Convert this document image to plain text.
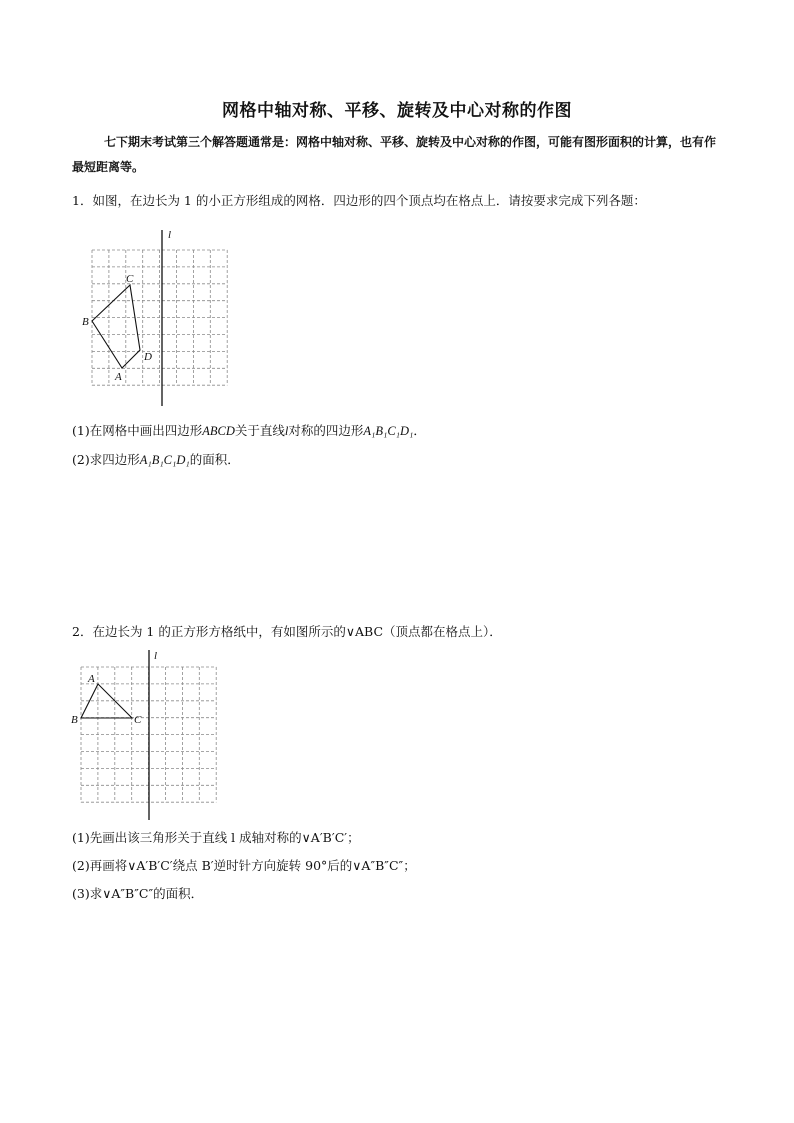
网格中轴对称、平移、旋转及中心对称的作图
七下期末考试第三个解答题通常是：网格中轴对称、平移、旋转及中心对称的作图，可能有图形面积的计算，也有作最短距离等。
1．如图，在边长为 1 的小正方形组成的网格．四边形的四个顶点均在格点上．请按要求完成下列各题：
l
B
C
D
A
(1)在网格中画出四边形ABCD关于直线l对称的四边形A₁B₁C₁D₁．
(2)求四边形A₁B₁C₁D₁的面积．
2．在边长为 1 的正方形方格纸中，有如图所示的∨ABC（顶点都在格点上）．
l
A
B	C
(1)先画出该三角形关于直线 l 成轴对称的∨A′B′C′；
(2)再画将∨A′B′C′绕点 B′逆时针方向旋转 90°后的∨A″B″C″；
(3)求∨A″B″C″的面积．
